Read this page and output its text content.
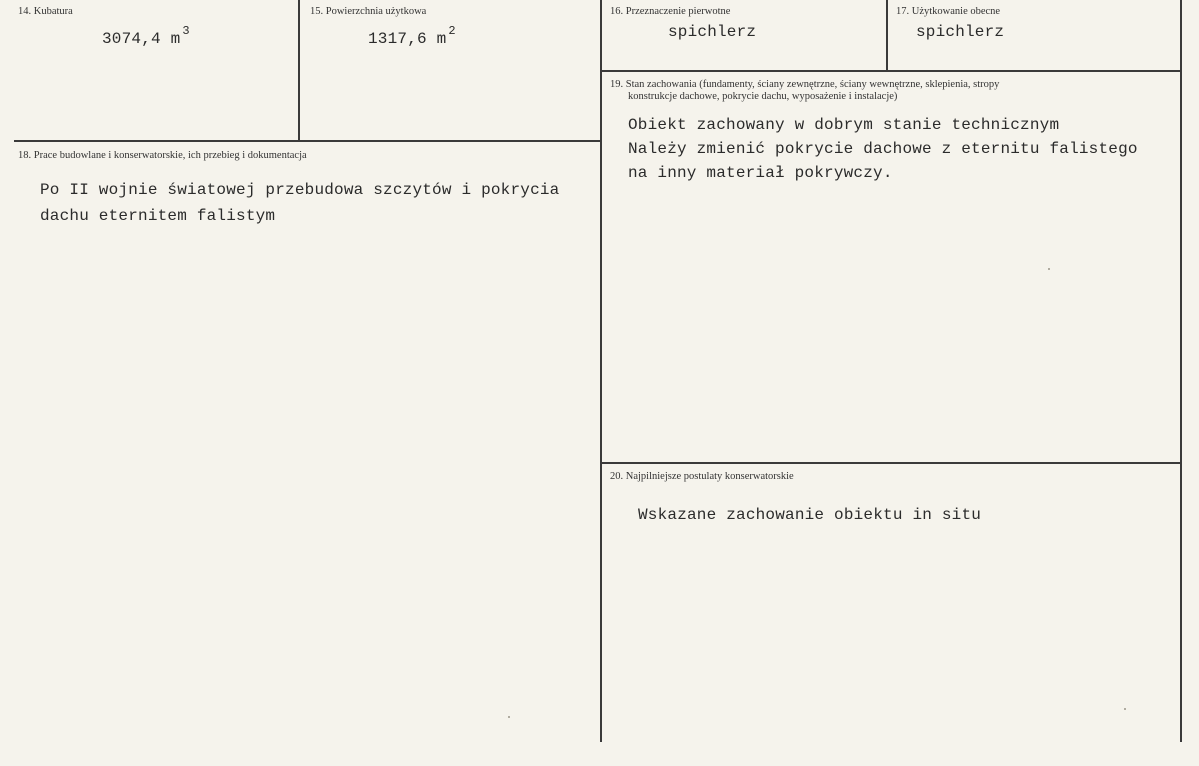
14. Kubatura
3074,4 m $^3$
15. Powierzchnia użytkowa
1317,6 m $^2$
16. Przeznaczenie pierwotne
spichlerz
17. Użytkowanie obecne
spichlerz
18. Prace budowlane i konserwatorskie, ich przebieg i dokumentacja
Po II wojnie światowej przebudowa szczytów i pokrycia
dachu eternitem falistym
19. Stan zachowania (fundamenty, ściany zewnętrzne, ściany wewnętrzne, sklepienia, stropy
konstrukcje dachowe, pokrycie dachu, wyposażenie i instalacje)
Obiekt zachowany w dobrym stanie technicznym
Należy zmienić pokrycie dachowe z eternitu falistego
na inny materiał pokrywczy.
20. Najpilniejsze postulaty konserwatorskie
Wskazane zachowanie obiektu in situ
